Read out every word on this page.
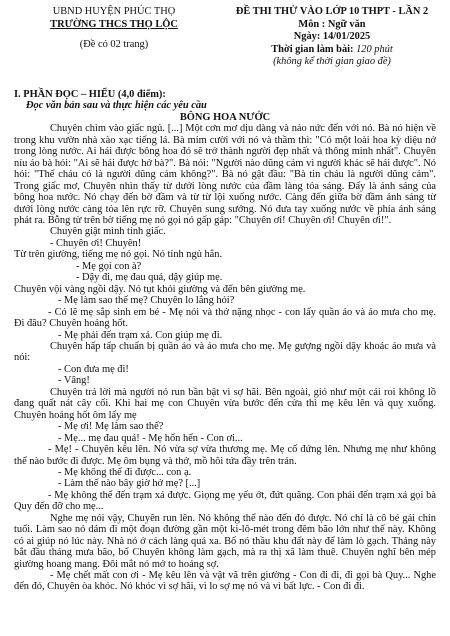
UBND HUYỆN PHÚC THỌ
TRƯỜNG THCS THỌ LỘC
(Đề có 02 trang)
ĐỀ THI THỬ VÀO LỚP 10 THPT - LẦN 2
Môn : Ngữ văn
Ngày: 14/01/2025
Thời gian làm bài: 120 phút
(không kể thời gian giao đề)

I. PHẦN ĐỌC – HIỂU (4,0 điểm):

Đọc văn bản sau và thực hiện các yêu cầu

BÔNG HOA NƯỚC

Chuyên chìm vào giấc ngủ. [...] Một cơn mơ dịu dàng và nảo nức đến với nó. Bà nó hiện về trong khu vườn nhà xào xạc tiếng lá. Bà mỉm cười với nó và thầm thì: "Có một loài hoa kỳ diệu nở trong lòng nước. Ai hái được bông hoa đó sẽ trở thành người đẹp nhất và thông minh nhất". Chuyên níu áo bà hỏi: "Ai sẽ hái được hở bà?". Bà nói: "Người nào dũng cảm vì người khác sẽ hái được". Nó hỏi: "Thế cháu có là người dũng cảm không?". Bà nó gật đầu: "Bà tin cháu là người dũng cảm". Trong giấc mơ, Chuyên nhìn thấy từ dưới lòng nước của đầm làng tỏa sáng. Đấy là ánh sáng của bông hoa nước. Nó chạy đến bờ đầm và từ từ lội xuống nước. Càng đến giữa bờ đầm ánh sáng từ dưới lòng nước càng tỏa lên rực rỡ. Chuyên sung sướng. Nó đưa tay xuống nước về phía ánh sáng phát ra. Bỗng từ trên bờ tiếng mẹ nó gọi nó gấp gáp: "Chuyên ơi! Chuyên ơi! Chuyên ơi!".

Chuyên giật mình tỉnh giấc.

- Chuyên ơi! Chuyên!

Từ trên giường, tiếng mẹ nó gọi. Nó tỉnh ngủ hẳn.

- Mẹ gọi con à?

- Dậy đi, mẹ đau quá, dậy giúp mẹ.

Chuyên vội vàng ngồi dậy. Nó tụt khỏi giường và đến bên giường mẹ.

- Mẹ làm sao thế mẹ? Chuyên lo lắng hỏi?

- Có lẽ mẹ sắp sinh em bé - Mẹ nói và thở nặng nhọc - con lấy quần áo và áo mưa cho mẹ. Đi đâu? Chuyên hoảng hốt.

- Mẹ phải đến trạm xá. Con giúp mẹ đi.

Chuyên hấp tấp chuẩn bị quần áo và áo mưa cho mẹ. Mẹ gượng ngồi dậy khoác áo mưa và nói:

- Con đưa mẹ đi!

- Vâng!

Chuyên trả lời mà người nó run bần bật vì sợ hãi. Bên ngoài, gió như một cái roi không lồ đang quất nát cây cối. Khi hai mẹ con Chuyên vừa bước đến cửa thì mẹ kêu lên và quỵ xuống. Chuyên hoảng hốt ôm lấy mẹ

- Mẹ ơi! Mẹ làm sao thế?

- Mẹ... mẹ đau quá! - Mẹ hổn hển - Con ơi...

- Mẹ! - Chuyên kêu lên. Nó vừa sợ vừa thương mẹ. Mẹ cố đứng lên. Nhưng mẹ như không thể nào bước đi được. Mẹ ôm bụng và thở, mồ hôi tứa đầy trên trán.

- Mẹ không thể đi được... con ạ.

- Làm thế nào bây giờ hở mẹ? [...]

- Mẹ không thể đến trạm xá được. Giọng mẹ yếu ớt, đứt quãng. Con phải đến trạm xá gọi bà Quy đến đỡ cho mẹ...

Nghe mẹ nói vậy, Chuyên run lên. Nó không thể nào đến đó được. Nó chỉ là cô bé gái chín tuổi. Làm sao nó dám đi một đoạn đường gần một ki-lô-mét trong đêm bão lớn như thế này. Không có ai giúp nó lúc này. Nhà nó ở cách làng quá xa. Bố nó thầu khu đất này để làm lò gạch. Tháng này bắt đầu tháng mưa bão, bố Chuyên không làm gạch, mà ra thị xã làm thuê. Chuyên nghĩ bên mép giường hoang mang. Đôi mắt nó mở to hoảng sợ.

- Mẹ chết mất con ơi - Mẹ kêu lên và vật vã trên giường - Con đi đi, đi gọi bà Quy... Nghe đến đó, Chuyên òa khóc. Nó khóc vì sợ hãi, vì lo sợ mẹ nó và vì bất lực. - Con đi đi.
